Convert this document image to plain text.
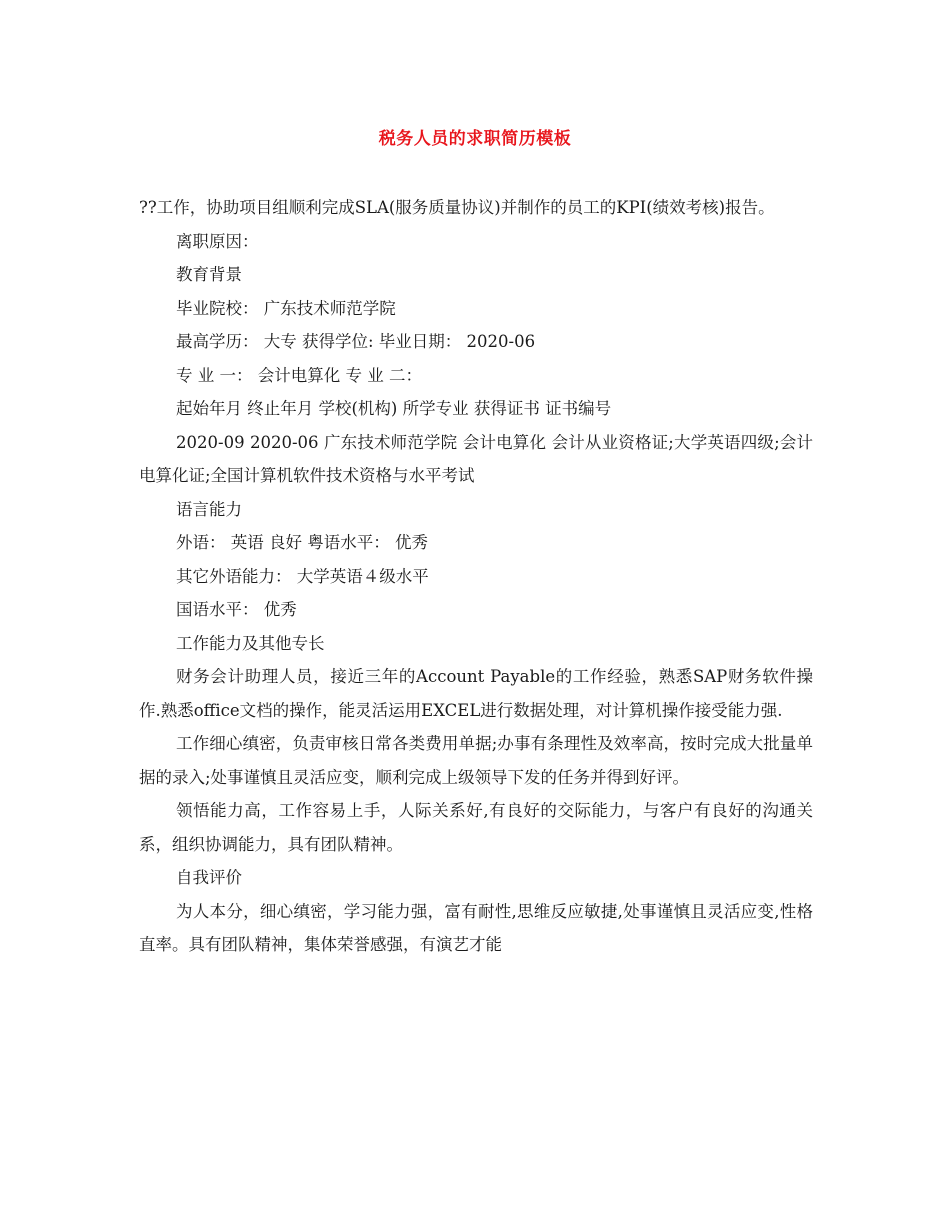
税务人员的求职简历模板

??工作，协助项目组顺利完成SLA(服务质量协议)并制作的员工的KPI(绩效考核)报告。

离职原因：

教育背景

毕业院校： 广东技术师范学院

最高学历： 大专 获得学位: 毕业日期： 2020-06

专 业 一： 会计电算化 专 业 二：

起始年月 终止年月 学校(机构) 所学专业 获得证书 证书编号

2020-09 2020-06 广东技术师范学院 会计电算化 会计从业资格证;大学英语四级;会计电算化证;全国计算机软件技术资格与水平考试

语言能力

外语： 英语 良好 粤语水平： 优秀

其它外语能力： 大学英语４级水平

国语水平： 优秀

工作能力及其他专长

财务会计助理人员，接近三年的Account Payable的工作经验，熟悉SAP财务软件操作.熟悉office文档的操作，能灵活运用EXCEL进行数据处理，对计算机操作接受能力强.

工作细心缜密，负责审核日常各类费用单据;办事有条理性及效率高，按时完成大批量单据的录入;处事谨慎且灵活应变，顺利完成上级领导下发的任务并得到好评。

领悟能力高，工作容易上手，人际关系好,有良好的交际能力，与客户有良好的沟通关系，组织协调能力，具有团队精神。

自我评价

为人本分，细心缜密，学习能力强，富有耐性,思维反应敏捷,处事谨慎且灵活应变,性格直率。具有团队精神，集体荣誉感强，有演艺才能
